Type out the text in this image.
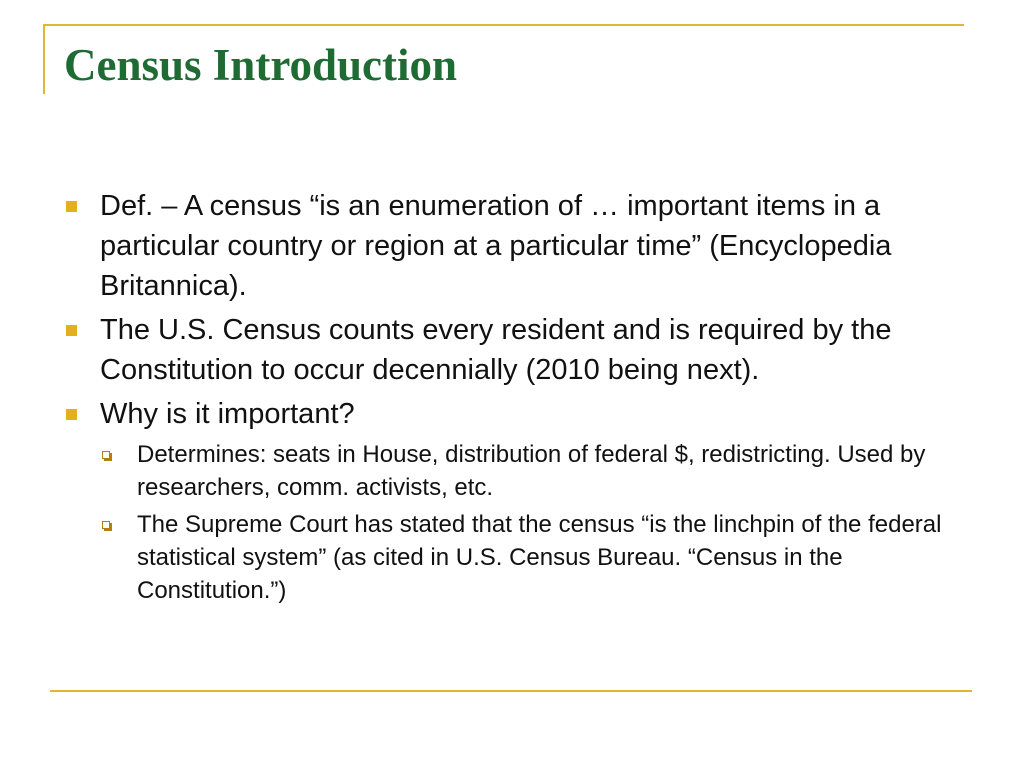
Census Introduction
Def. – A census “is an enumeration of … important items in a particular country or region at a particular time” (Encyclopedia Britannica).
The U.S. Census counts every resident and is required by the Constitution to occur decennially (2010 being next).
Why is it important?
Determines: seats in House, distribution of federal $, redistricting. Used by researchers, comm. activists, etc.
The Supreme Court has stated that the census “is the linchpin of the federal statistical system” (as cited in U.S. Census Bureau. “Census in the Constitution.”)
